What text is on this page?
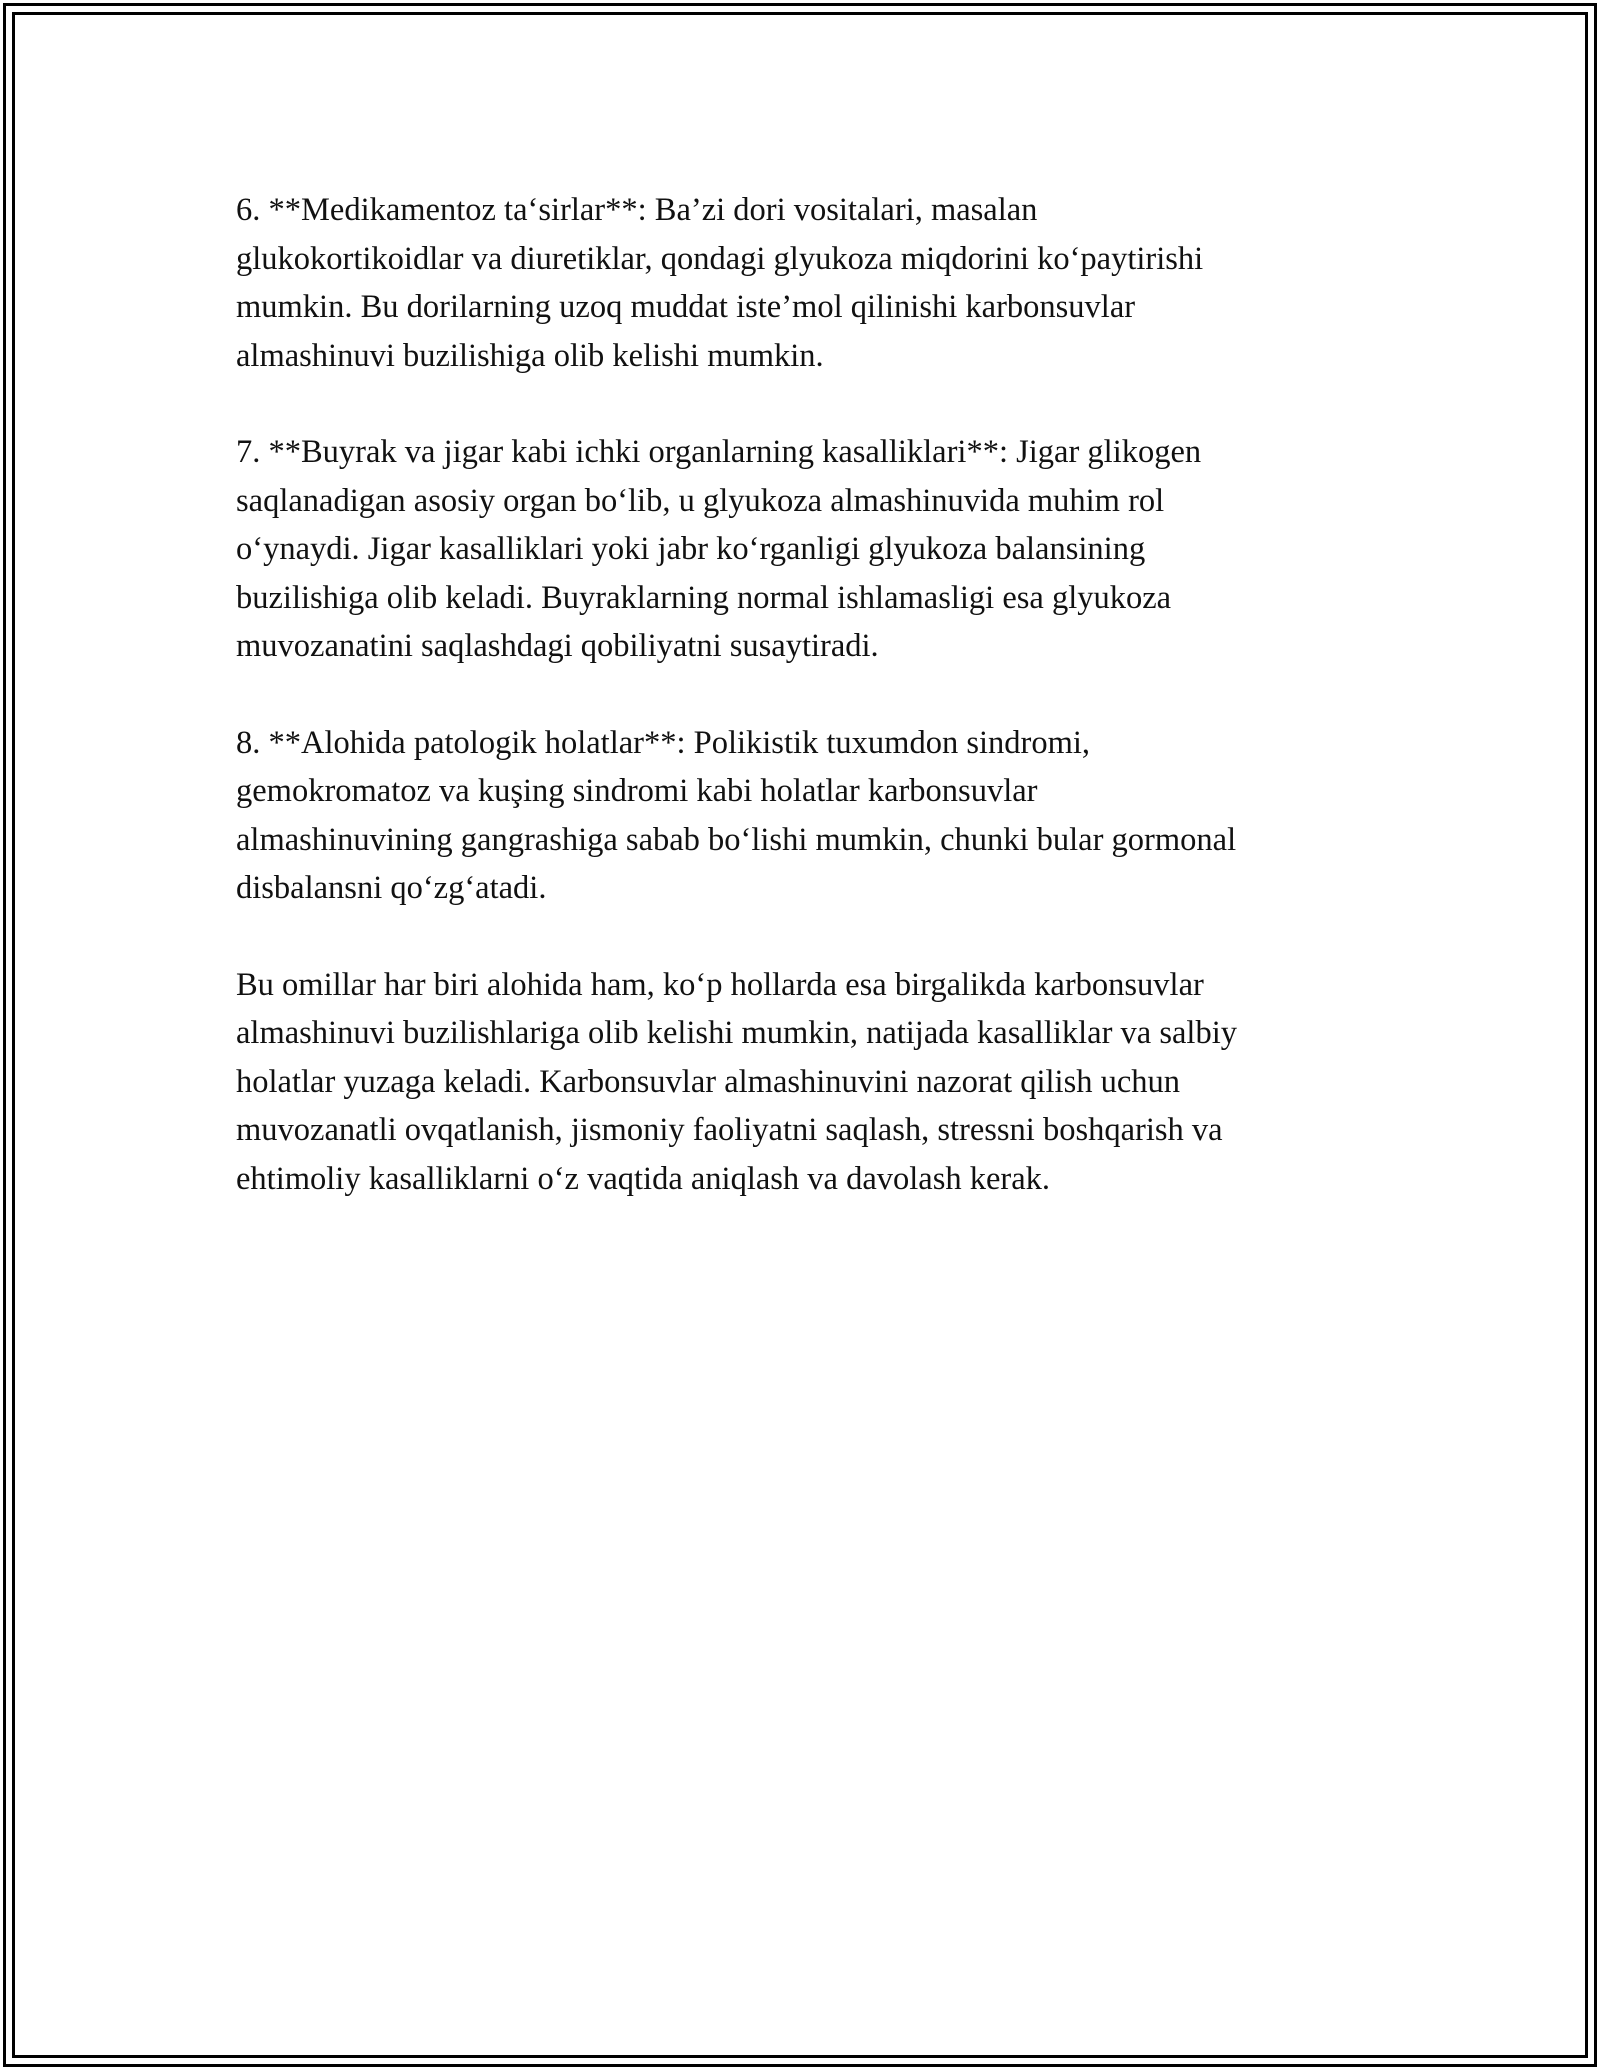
6. **Medikamentoz ta‘sirlar**: Ba’zi dori vositalari, masalan
glukokortikoidlar va diuretiklar, qondagi glyukoza miqdorini ko‘paytirishi
mumkin. Bu dorilarning uzoq muddat iste’mol qilinishi karbonsuvlar
almashinuvi buzilishiga olib kelishi mumkin.

7. **Buyrak va jigar kabi ichki organlarning kasalliklari**: Jigar glikogen
saqlanadigan asosiy organ bo‘lib, u glyukoza almashinuvida muhim rol
o‘ynaydi. Jigar kasalliklari yoki jabr ko‘rganligi glyukoza balansining
buzilishiga olib keladi. Buyraklarning normal ishlamasligi esa glyukoza
muvozanatini saqlashdagi qobiliyatni susaytiradi.

8. **Alohida patologik holatlar**: Polikistik tuxumdon sindromi,
gemokromatoz va kuşing sindromi kabi holatlar karbonsuvlar
almashinuvining gangrashiga sabab bo‘lishi mumkin, chunki bular gormonal
disbalansni qo‘zg‘atadi.

Bu omillar har biri alohida ham, ko‘p hollarda esa birgalikda karbonsuvlar
almashinuvi buzilishlariga olib kelishi mumkin, natijada kasalliklar va salbiy
holatlar yuzaga keladi. Karbonsuvlar almashinuvini nazorat qilish uchun
muvozanatli ovqatlanish, jismoniy faoliyatni saqlash, stressni boshqarish va
ehtimoliy kasalliklarni o‘z vaqtida aniqlash va davolash kerak.
